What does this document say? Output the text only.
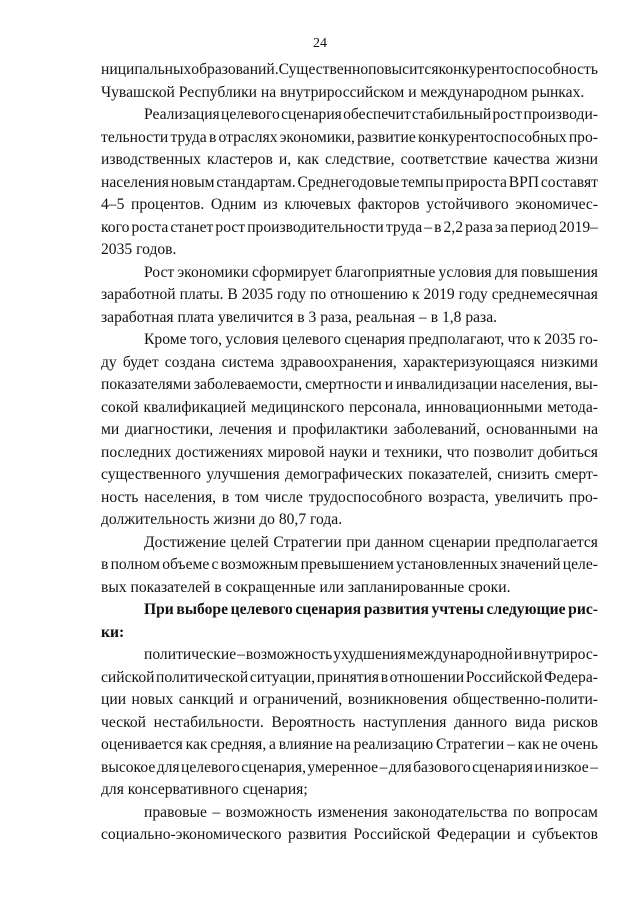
24
ниципальных образований. Существенно повысится конкурентоспособность
Чувашской Республики на внутрироссийском и международном рынках.
Реализация целевого сценария обеспечит стабильный рост производи-
тельности труда в отраслях экономики, развитие конкурентоспособных про-
изводственных кластеров и, как следствие, соответствие качества жизни
населения новым стандартам. Среднегодовые темпы прироста ВРП составят
4–5 процентов. Одним из ключевых факторов устойчивого экономичес-
кого роста станет рост производительности труда – в 2,2 раза за период 2019–
2035 годов.
Рост экономики сформирует благоприятные условия для повышения
заработной платы. В 2035 году по отношению к 2019 году среднемесячная
заработная плата увеличится в 3 раза, реальная – в 1,8 раза.
Кроме того, условия целевого сценария предполагают, что к 2035 го-
ду будет создана система здравоохранения, характеризующаяся низкими
показателями заболеваемости, смертности и инвалидизации населения, вы-
сокой квалификацией медицинского персонала, инновационными метода-
ми диагностики, лечения и профилактики заболеваний, основанными на
последних достижениях мировой науки и техники, что позволит добиться
существенного улучшения демографических показателей, снизить смерт-
ность населения, в том числе трудоспособного возраста, увеличить про-
должительность жизни до 80,7 года.
Достижение целей Стратегии при данном сценарии предполагается
в полном объеме с возможным превышением установленных значений целе-
вых показателей в сокращенные или запланированные сроки.
При выборе целевого сценария развития учтены следующие рис-
ки:
политические – возможность ухудшения международной и внутрирос-
сийской политической ситуации, принятия в отношении Российской Федера-
ции новых санкций и ограничений, возникновения общественно-полити-
ческой нестабильности. Вероятность наступления данного вида рисков
оценивается как средняя, а влияние на реализацию Стратегии – как не очень
высокое для целевого сценария, умеренное – для базового сценария и низкое –
для консервативного сценария;
правовые – возможность изменения законодательства по вопросам
социально-экономического развития Российской Федерации и субъектов
